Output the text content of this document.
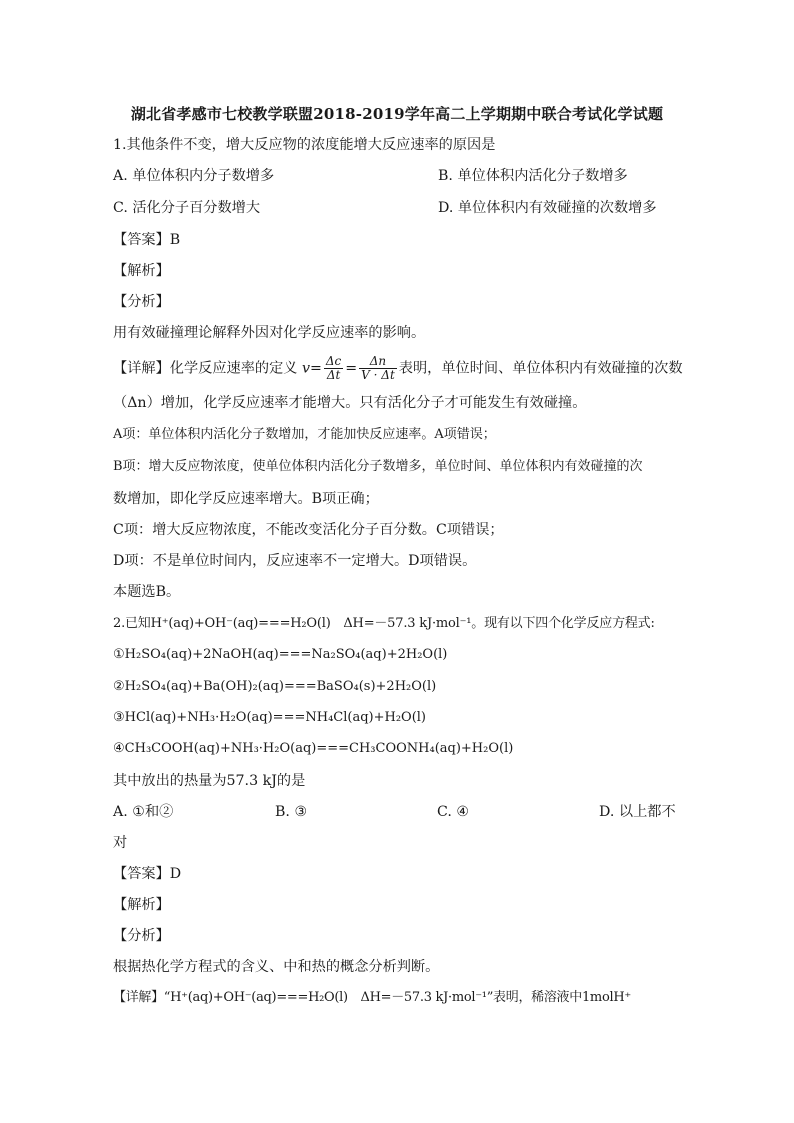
湖北省孝感市七校教学联盟2018-2019学年高二上学期期中联合考试化学试题
1.其他条件不变，增大反应物的浓度能增大反应速率的原因是
A. 单位体积内分子数增多	B. 单位体积内活化分子数增多
C. 活化分子百分数增大	D. 单位体积内有效碰撞的次数增多
【答案】B
【解析】
【分析】
用有效碰撞理论解释外因对化学反应速率的影响。
【详解】化学反应速率的定义 $v= \frac{\Delta c}{\Delta t} = \frac{\Delta n}{V \cdot \Delta t}$ 表明，单位时间、单位体积内有效碰撞的次数
（Δn）增加，化学反应速率才能增大。只有活化分子才可能发生有效碰撞。
A项：单位体积内活化分子数增加，才能加快反应速率。A项错误；
B项：增大反应物浓度，使单位体积内活化分子数增多，单位时间、单位体积内有效碰撞的次
数增加，即化学反应速率增大。B项正确；
C项：增大反应物浓度，不能改变活化分子百分数。C项错误；
D项：不是单位时间内，反应速率不一定增大。D项错误。
本题选B。
2.已知H⁺(aq)+OH⁻(aq)===H₂O(l)　ΔH=－57.3 kJ·mol⁻¹。现有以下四个化学反应方程式:
①H₂SO₄(aq)+2NaOH(aq)===Na₂SO₄(aq)+2H₂O(l)
②H₂SO₄(aq)+Ba(OH)₂(aq)===BaSO₄(s)+2H₂O(l)
③HCl(aq)+NH₃·H₂O(aq)===NH₄Cl(aq)+H₂O(l)
④CH₃COOH(aq)+NH₃·H₂O(aq)===CH₃COONH₄(aq)+H₂O(l)
其中放出的热量为57.3 kJ的是
A. ①和②	B. ③	C. ④	D. 以上都不
对
【答案】D
【解析】
【分析】
根据热化学方程式的含义、中和热的概念分析判断。
【详解】“H⁺(aq)+OH⁻(aq)===H₂O(l)　ΔH=－57.3 kJ·mol⁻¹”表明，稀溶液中1molH⁺
